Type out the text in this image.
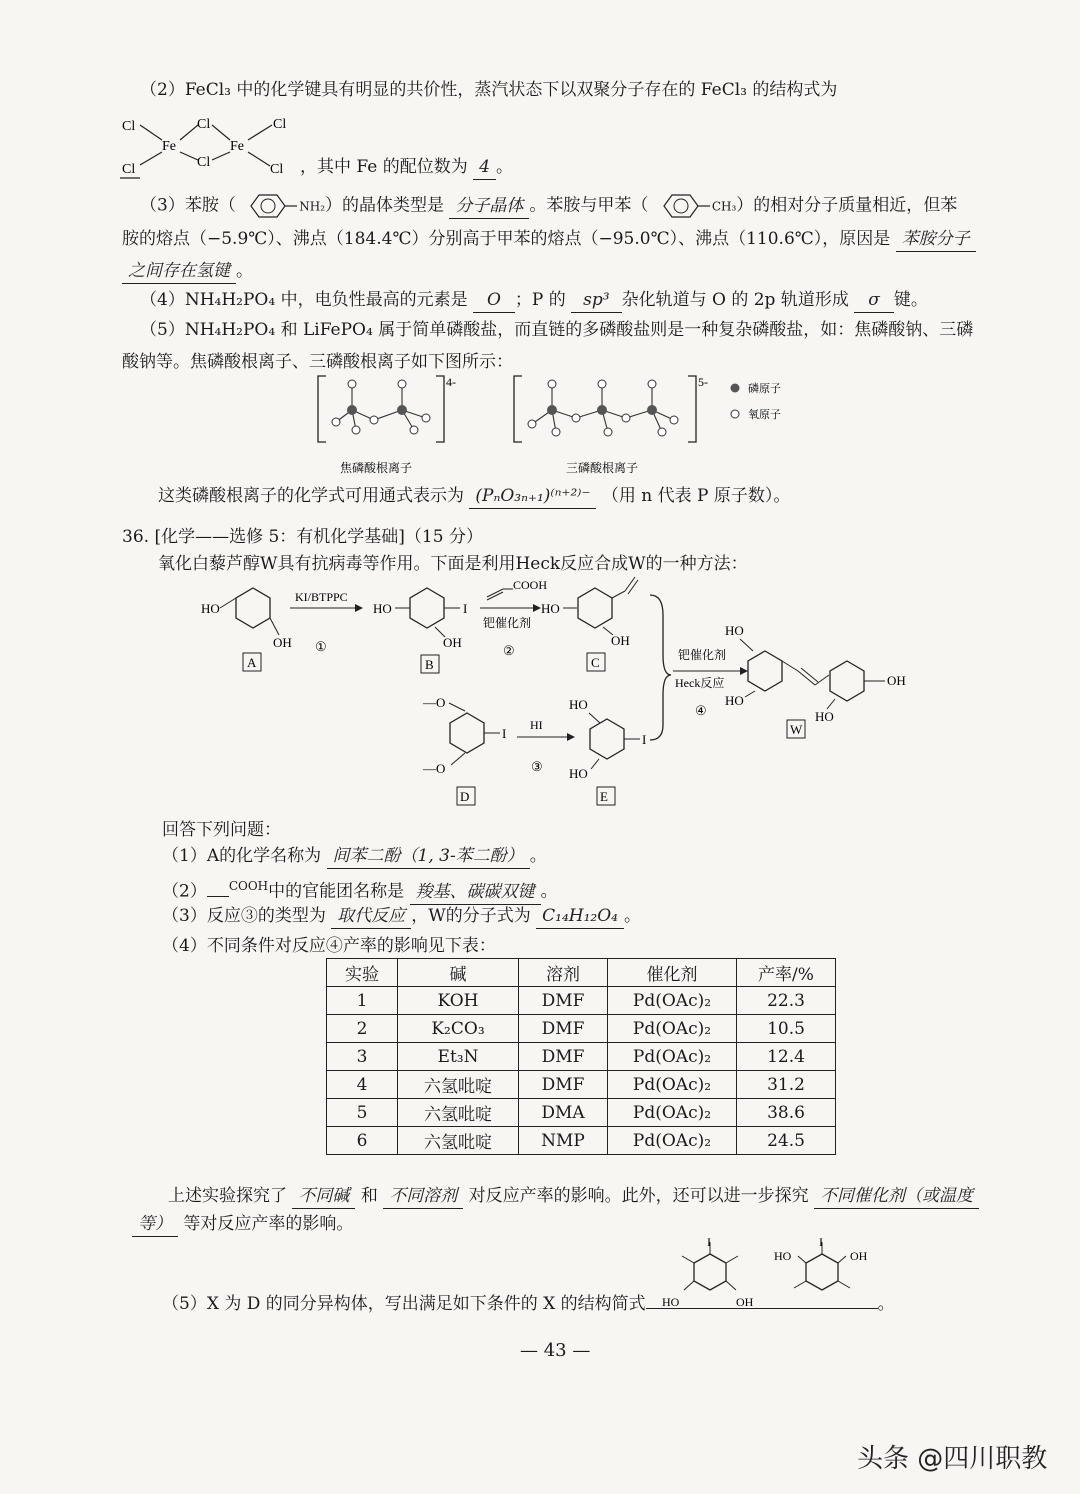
（2）FeCl₃ 中的化学键具有明显的共价性，蒸汽状态下以双聚分子存在的 FeCl₃ 的结构式为
Cl
Cl
Cl
Cl
Cl
Cl
Fe	Fe
，其中 Fe 的配位数为 4 。
（3）苯胺（	NH₂）的晶体类型是 分子晶体 。苯胺与甲苯（	CH₃）的相对分子质量相近，但苯
胺的熔点（−5.9℃）、沸点（184.4℃）分别高于甲苯的熔点（−95.0℃）、沸点（110.6℃），原因是 苯胺分子
之间存在氢键 。
（4）NH₄H₂PO₄ 中，电负性最高的元素是 O ；P 的 sp³ 杂化轨道与 O 的 2p 轨道形成 σ 键。
（5）NH₄H₂PO₄ 和 LiFePO₄ 属于简单磷酸盐，而直链的多磷酸盐则是一种复杂磷酸盐，如：焦磷酸钠、三磷
酸钠等。焦磷酸根离子、三磷酸根离子如下图所示：
4-	5-	磷原子
氧原子
焦磷酸根离子	三磷酸根离子
这类磷酸根离子的化学式可用通式表示为 (PₙO₃ₙ₊₁)⁽ⁿ⁺²⁾⁻ （用 n 代表 P 原子数）。
36. [化学——选修 5：有机化学基础]（15 分）
氧化白藜芦醇W具有抗病毒等作用。下面是利用Heck反应合成W的一种方法：
HO
OH
A
KI/BTPPC
①
HO	I
OH
B
COOH
钯催化剂
②
HO
OH
C	钯催化剂
Heck反应
④
HO
HO
OH
HO
W
—O
I
—O
D
HI
③
HO
I
HO
E
回答下列问题：
（1）A的化学名称为 间苯二酚（1, 3-苯二酚） 。
（2） $^{COOH}$中的官能团名称是 羧基、碳碳双键 。
（3）反应③的类型为 取代反应 ，W的分子式为 C₁₄H₁₂O₄ 。
（4）不同条件对反应④产率的影响见下表：
实验	碱	溶剂	催化剂	产率/%
1	KOH	DMF	Pd(OAc)₂	22.3
2	K₂CO₃	DMF	Pd(OAc)₂	10.5
3	Et₃N	DMF	Pd(OAc)₂	12.4
4	六氢吡啶	DMF	Pd(OAc)₂	31.2
5	六氢吡啶	DMA	Pd(OAc)₂	38.6
6	六氢吡啶	NMP	Pd(OAc)₂	24.5
上述实验探究了 不同碱 和 不同溶剂 对反应产率的影响。此外，还可以进一步探究 不同催化剂（或温度
等） 等对反应产率的影响。
I
HO	OH
I
HO	OH
（5）X 为 D 的同分异构体，写出满足如下条件的 X 的结构简式	。
— 43 —
头条 @四川职教
